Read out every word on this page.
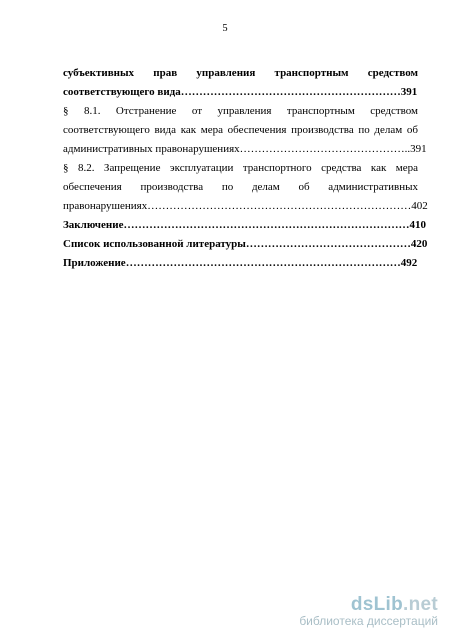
5
субъективных прав управления транспортным средством
соответствующего вида……………………………………………………391
§ 8.1. Отстранение от управления транспортным средством
соответствующего вида как мера обеспечения производства по делам об
административных правонарушениях………………………………………..391
§ 8.2. Запрещение эксплуатации транспортного средства как мера
обеспечения производства по делам об административных
правонарушениях………………………………………………………………402
Заключение……………………………………………………………………410
Список использованной литературы………………………………………420
Приложение…………………………………………………………………492
dsLib.net
библиотека диссертаций
